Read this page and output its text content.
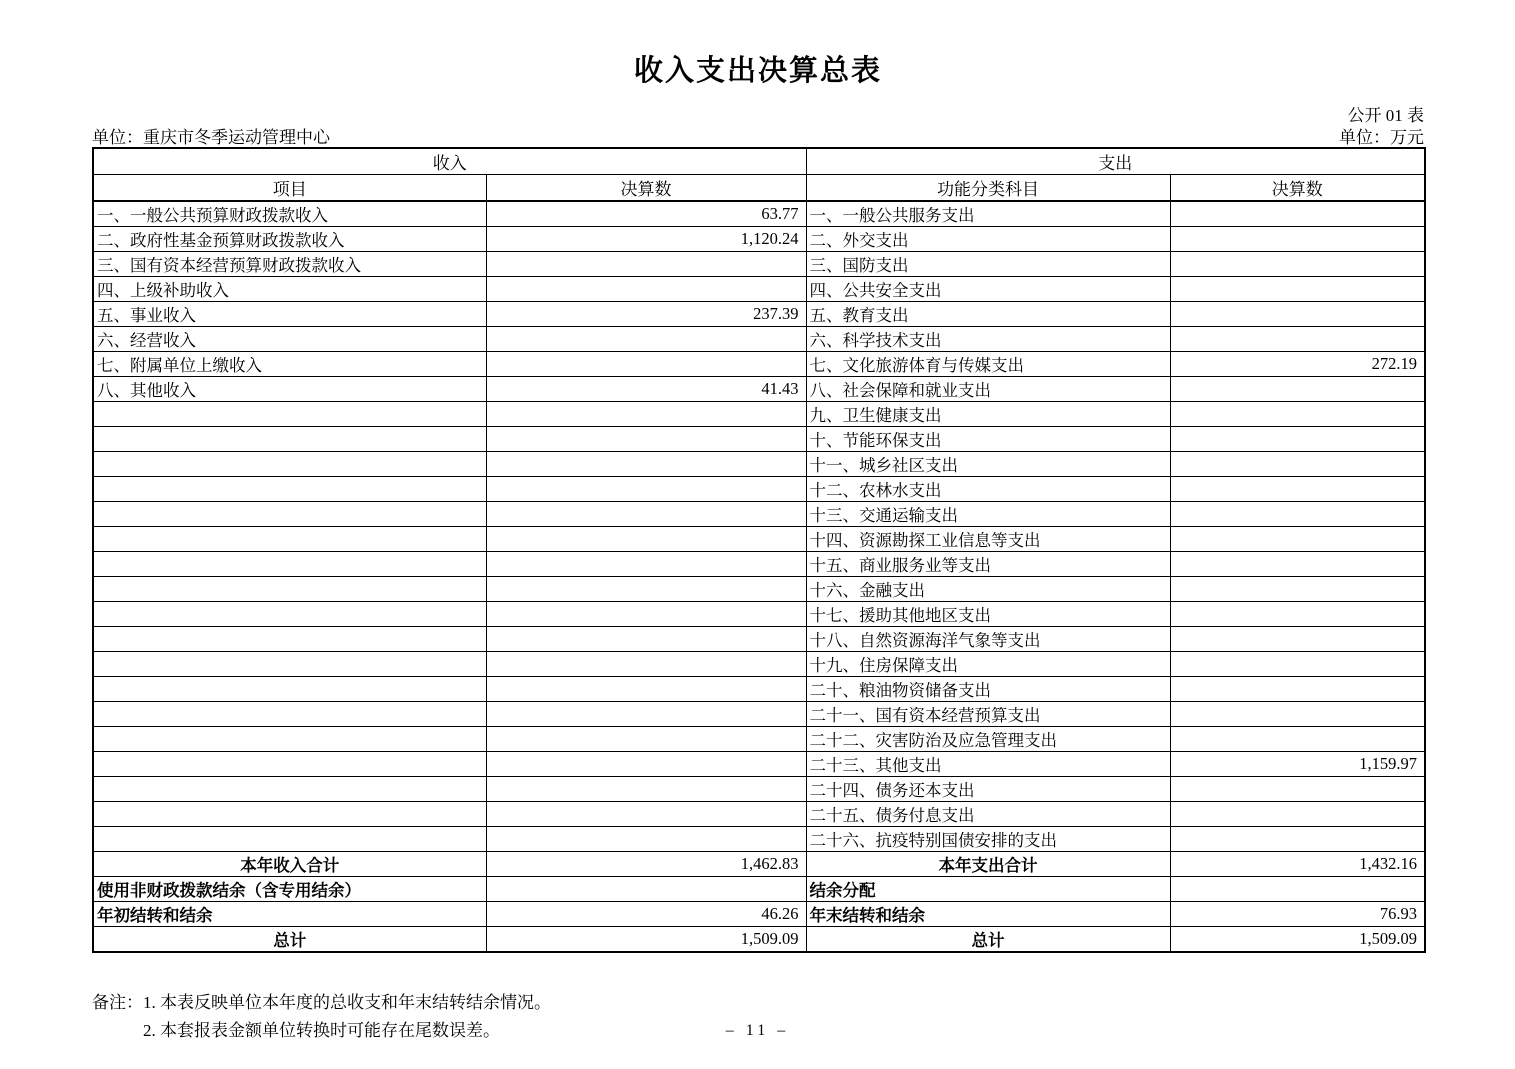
收入支出决算总表
公开 01 表
单位：重庆市冬季运动管理中心	单位：万元
收入		支出	
项目	决算数	功能分类科目	决算数
一、一般公共预算财政拨款收入	63.77	一、一般公共服务支出	
二、政府性基金预算财政拨款收入	1,120.24	二、外交支出	
三、国有资本经营预算财政拨款收入		三、国防支出	
四、上级补助收入		四、公共安全支出	
五、事业收入	237.39	五、教育支出	
六、经营收入		六、科学技术支出	
七、附属单位上缴收入		七、文化旅游体育与传媒支出	272.19
八、其他收入	41.43	八、社会保障和就业支出	
		九、卫生健康支出	
		十、节能环保支出	
		十一、城乡社区支出	
		十二、农林水支出	
		十三、交通运输支出	
		十四、资源勘探工业信息等支出	
		十五、商业服务业等支出	
		十六、金融支出	
		十七、援助其他地区支出	
		十八、自然资源海洋气象等支出	
		十九、住房保障支出	
		二十、粮油物资储备支出	
		二十一、国有资本经营预算支出	
		二十二、灾害防治及应急管理支出	
		二十三、其他支出	1,159.97
		二十四、债务还本支出	
		二十五、债务付息支出	
		二十六、抗疫特别国债安排的支出	
本年收入合计	1,462.83	本年支出合计	1,432.16
使用非财政拨款结余（含专用结余）		结余分配	
年初结转和结余	46.26	年末结转和结余	76.93
总计	1,509.09	总计	1,509.09
备注： 1. 本表反映单位本年度的总收支和年末结转结余情况。
2. 本套报表金额单位转换时可能存在尾数误差。	– 11 –
